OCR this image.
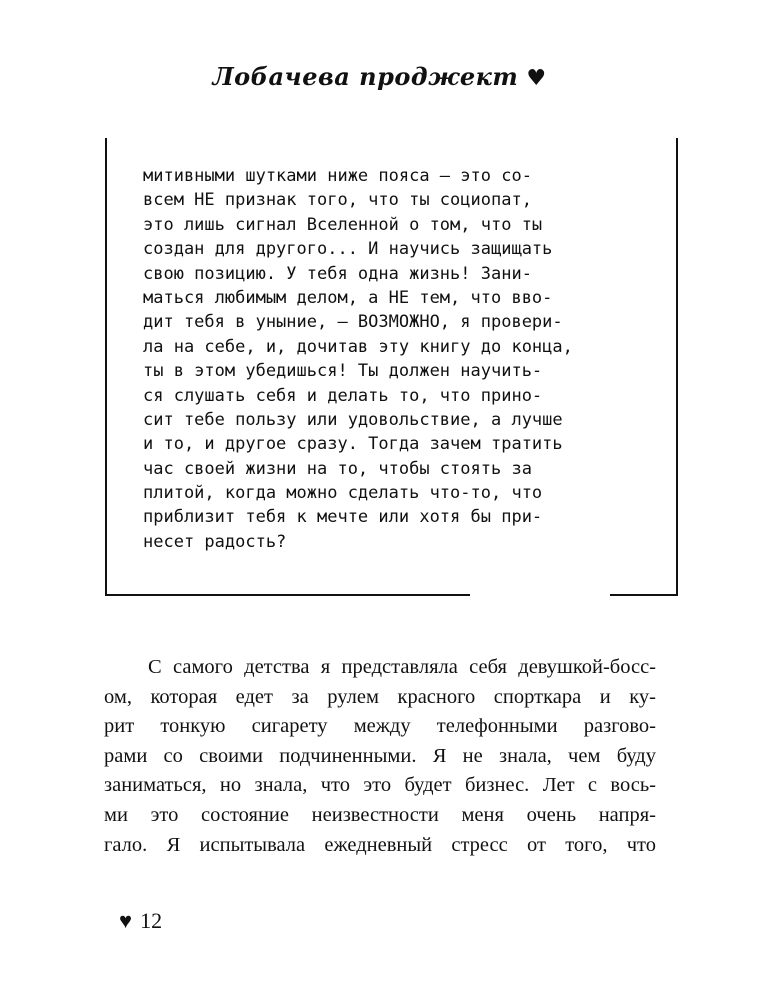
Лобачева проджект ♥
митивными шутками ниже пояса — это со-
всем НЕ признак того, что ты социопат,
это лишь сигнал Вселенной о том, что ты
создан для другого... И научись защищать
свою позицию. У тебя одна жизнь! Зани-
маться любимым делом, а НЕ тем, что вво-
дит тебя в уныние, — ВОЗМОЖНО, я провери-
ла на себе, и, дочитав эту книгу до конца,
ты в этом убедишься! Ты должен научить-
ся слушать себя и делать то, что прино-
сит тебе пользу или удовольствие, а лучше
и то, и другое сразу. Тогда зачем тратить
час своей жизни на то, чтобы стоять за
плитой, когда можно сделать что-то, что
приблизит тебя к мечте или хотя бы при-
несет радость?
С самого детства я представляла себя девушкой-босс-
ом, которая едет за рулем красного спорткара и ку-
рит тонкую сигарету между телефонными разгово-
рами со своими подчиненными. Я не знала, чем буду
заниматься, но знала, что это будет бизнес. Лет с вось-
ми это состояние неизвестности меня очень напря-
гало. Я испытывала ежедневный стресс от того, что
♥ 12
